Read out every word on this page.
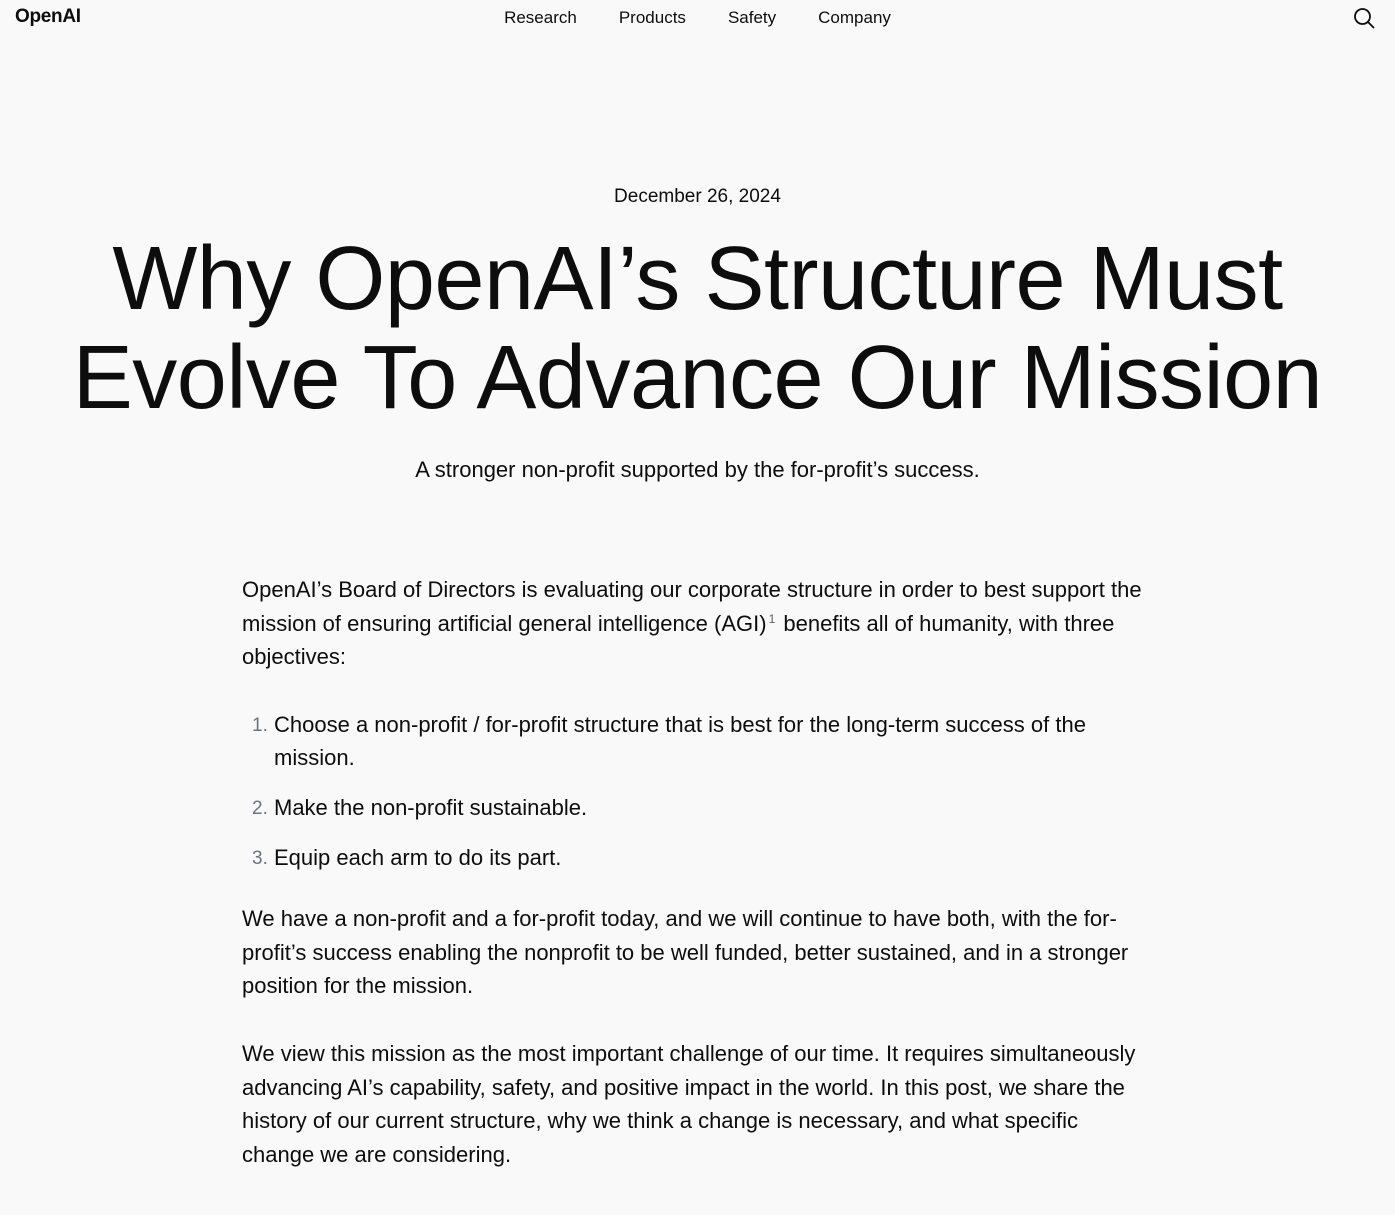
OpenAI	Research	Products	Safety	Company
December 26, 2024
Why OpenAI’s Structure Must Evolve To Advance Our Mission
A stronger non-profit supported by the for-profit’s success.

OpenAI’s Board of Directors is evaluating our corporate structure in order to best support the mission of ensuring artificial general intelligence (AGI) $^1$ benefits all of humanity, with three objectives:

1. Choose a non-profit / for-profit structure that is best for the long-term success of the mission.
2. Make the non-profit sustainable.
3. Equip each arm to do its part.

We have a non-profit and a for-profit today, and we will continue to have both, with the for-profit’s success enabling the nonprofit to be well funded, better sustained, and in a stronger position for the mission.

We view this mission as the most important challenge of our time. It requires simultaneously advancing AI’s capability, safety, and positive impact in the world. In this post, we share the history of our current structure, why we think a change is necessary, and what specific change we are considering.
